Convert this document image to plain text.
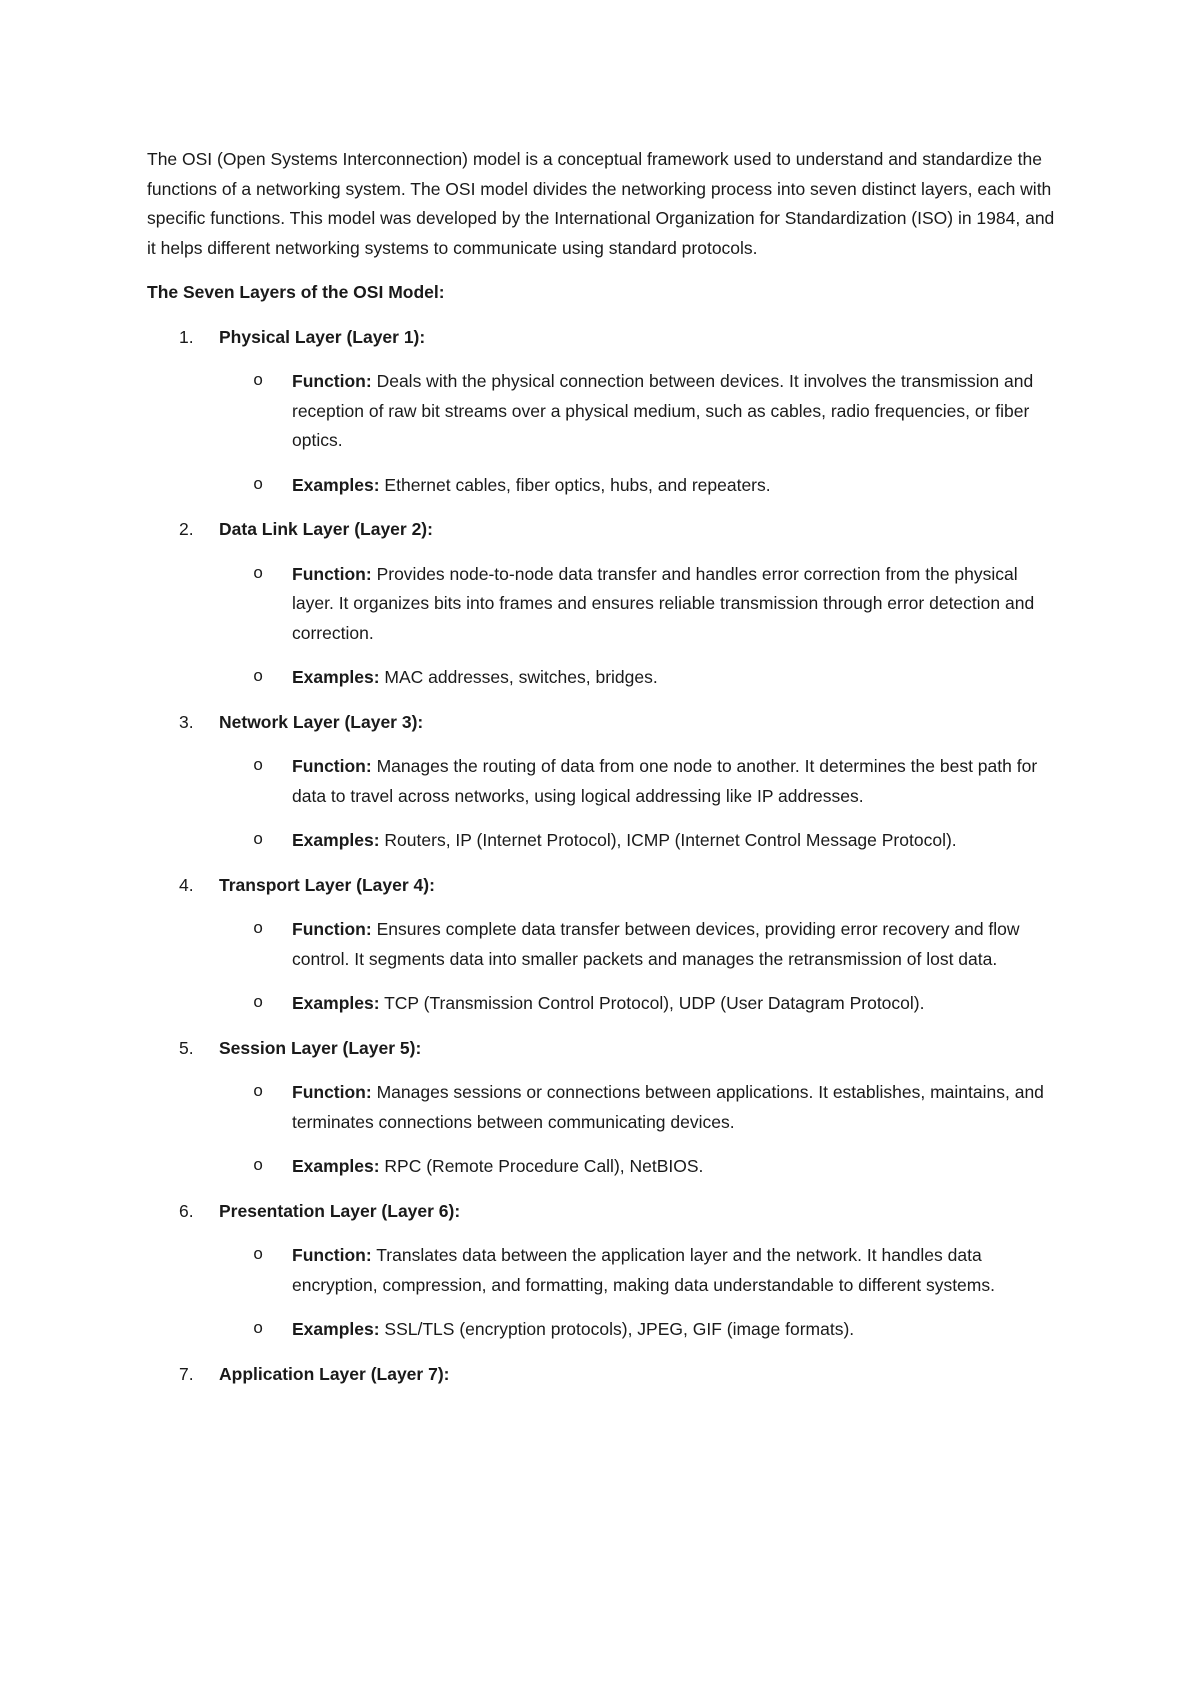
The OSI (Open Systems Interconnection) model is a conceptual framework used to understand and standardize the functions of a networking system. The OSI model divides the networking process into seven distinct layers, each with specific functions. This model was developed by the International Organization for Standardization (ISO) in 1984, and it helps different networking systems to communicate using standard protocols.

The Seven Layers of the OSI Model:

1.	Physical Layer (Layer 1):
o	Function: Deals with the physical connection between devices. It involves the transmission and reception of raw bit streams over a physical medium, such as cables, radio frequencies, or fiber optics.
o	Examples: Ethernet cables, fiber optics, hubs, and repeaters.
2.	Data Link Layer (Layer 2):
o	Function: Provides node-to-node data transfer and handles error correction from the physical layer. It organizes bits into frames and ensures reliable transmission through error detection and correction.
o	Examples: MAC addresses, switches, bridges.
3.	Network Layer (Layer 3):
o	Function: Manages the routing of data from one node to another. It determines the best path for data to travel across networks, using logical addressing like IP addresses.
o	Examples: Routers, IP (Internet Protocol), ICMP (Internet Control Message Protocol).
4.	Transport Layer (Layer 4):
o	Function: Ensures complete data transfer between devices, providing error recovery and flow control. It segments data into smaller packets and manages the retransmission of lost data.
o	Examples: TCP (Transmission Control Protocol), UDP (User Datagram Protocol).
5.	Session Layer (Layer 5):
o	Function: Manages sessions or connections between applications. It establishes, maintains, and terminates connections between communicating devices.
o	Examples: RPC (Remote Procedure Call), NetBIOS.
6.	Presentation Layer (Layer 6):
o	Function: Translates data between the application layer and the network. It handles data encryption, compression, and formatting, making data understandable to different systems.
o	Examples: SSL/TLS (encryption protocols), JPEG, GIF (image formats).
7.	Application Layer (Layer 7):
